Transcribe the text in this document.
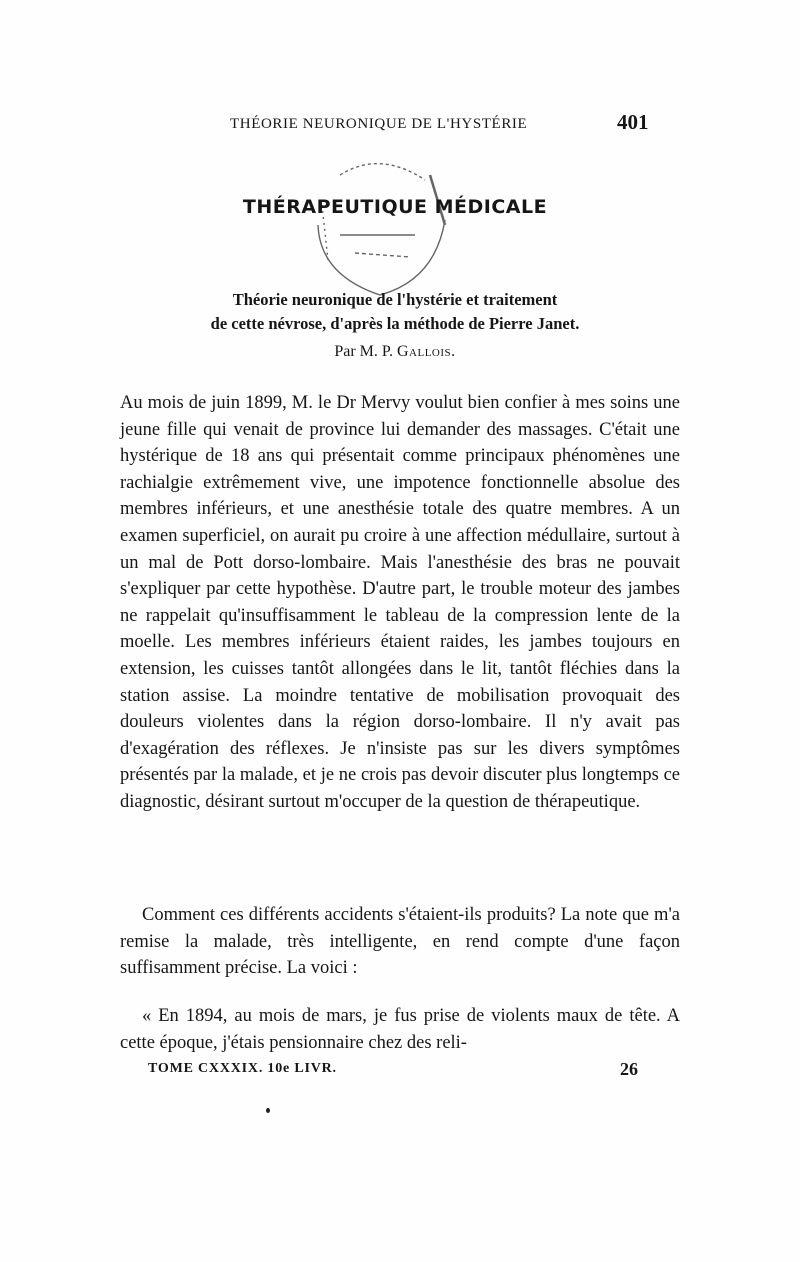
THÉORIE NEURONIQUE DE L'HYSTÉRIE	401
THÉRAPEUTIQUE MÉDICALE
Théorie neuronique de l'hystérie et traitement
de cette névrose, d'après la méthode de Pierre Janet.
Par M. P. Gallois.
Au mois de juin 1899, M. le Dr Mervy voulut bien confier à mes soins une jeune fille qui venait de province lui demander des massages. C'était une hystérique de 18 ans qui présentait comme principaux phénomènes une rachialgie extrêmement vive, une impotence fonctionnelle absolue des membres inférieurs, et une anesthésie totale des quatre membres. A un examen superficiel, on aurait pu croire à une affection médullaire, surtout à un mal de Pott dorso-lombaire. Mais l'anesthésie des bras ne pouvait s'expliquer par cette hypothèse. D'autre part, le trouble moteur des jambes ne rappelait qu'insuffisamment le tableau de la compression lente de la moelle. Les membres inférieurs étaient raides, les jambes toujours en extension, les cuisses tantôt allongées dans le lit, tantôt fléchies dans la station assise. La moindre tentative de mobilisation provoquait des douleurs violentes dans la région dorso-lombaire. Il n'y avait pas d'exagération des réflexes. Je n'insiste pas sur les divers symptômes présentés par la malade, et je ne crois pas devoir discuter plus longtemps ce diagnostic, désirant surtout m'occuper de la question de thérapeutique.
Comment ces différents accidents s'étaient-ils produits? La note que m'a remise la malade, très intelligente, en rend compte d'une façon suffisamment précise. La voici :
« En 1894, au mois de mars, je fus prise de violents maux de tête. A cette époque, j'étais pensionnaire chez des reli-
TOME CXXXIX. 10e LIVR.	26
